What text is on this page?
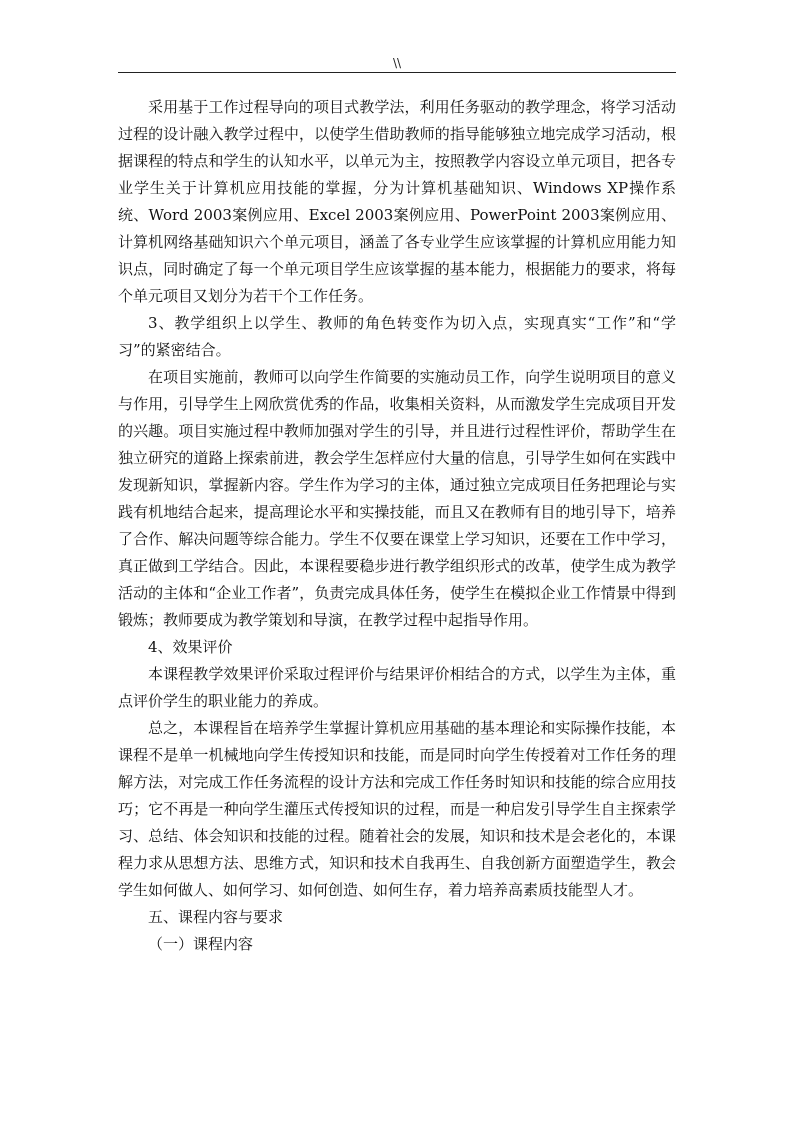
\\

采用基于工作过程导向的项目式教学法，利用任务驱动的教学理念，将学习活动过程的设计融入教学过程中，以使学生借助教师的指导能够独立地完成学习活动，根据课程的特点和学生的认知水平，以单元为主，按照教学内容设立单元项目，把各专业学生关于计算机应用技能的掌握，分为计算机基础知识、Windows XP操作系统、Word 2003案例应用、Excel 2003案例应用、PowerPoint 2003案例应用、计算机网络基础知识六个单元项目，涵盖了各专业学生应该掌握的计算机应用能力知识点，同时确定了每一个单元项目学生应该掌握的基本能力，根据能力的要求，将每个单元项目又划分为若干个工作任务。

3、教学组织上以学生、教师的角色转变作为切入点，实现真实“工作”和“学习”的紧密结合。

在项目实施前，教师可以向学生作简要的实施动员工作，向学生说明项目的意义与作用，引导学生上网欣赏优秀的作品，收集相关资料，从而激发学生完成项目开发的兴趣。项目实施过程中教师加强对学生的引导，并且进行过程性评价，帮助学生在独立研究的道路上探索前进，教会学生怎样应付大量的信息，引导学生如何在实践中发现新知识，掌握新内容。学生作为学习的主体，通过独立完成项目任务把理论与实践有机地结合起来，提高理论水平和实操技能，而且又在教师有目的地引导下，培养了合作、解决问题等综合能力。学生不仅要在课堂上学习知识，还要在工作中学习，真正做到工学结合。因此，本课程要稳步进行教学组织形式的改革，使学生成为教学活动的主体和“企业工作者”，负责完成具体任务，使学生在模拟企业工作情景中得到锻炼；教师要成为教学策划和导演，在教学过程中起指导作用。

4、效果评价

本课程教学效果评价采取过程评价与结果评价相结合的方式，以学生为主体，重点评价学生的职业能力的养成。

总之，本课程旨在培养学生掌握计算机应用基础的基本理论和实际操作技能，本课程不是单一机械地向学生传授知识和技能，而是同时向学生传授着对工作任务的理解方法，对完成工作任务流程的设计方法和完成工作任务时知识和技能的综合应用技巧；它不再是一种向学生灌压式传授知识的过程，而是一种启发引导学生自主探索学习、总结、体会知识和技能的过程。随着社会的发展，知识和技术是会老化的，本课程力求从思想方法、思维方式，知识和技术自我再生、自我创新方面塑造学生，教会学生如何做人、如何学习、如何创造、如何生存，着力培养高素质技能型人才。

五、课程内容与要求

（一）课程内容
